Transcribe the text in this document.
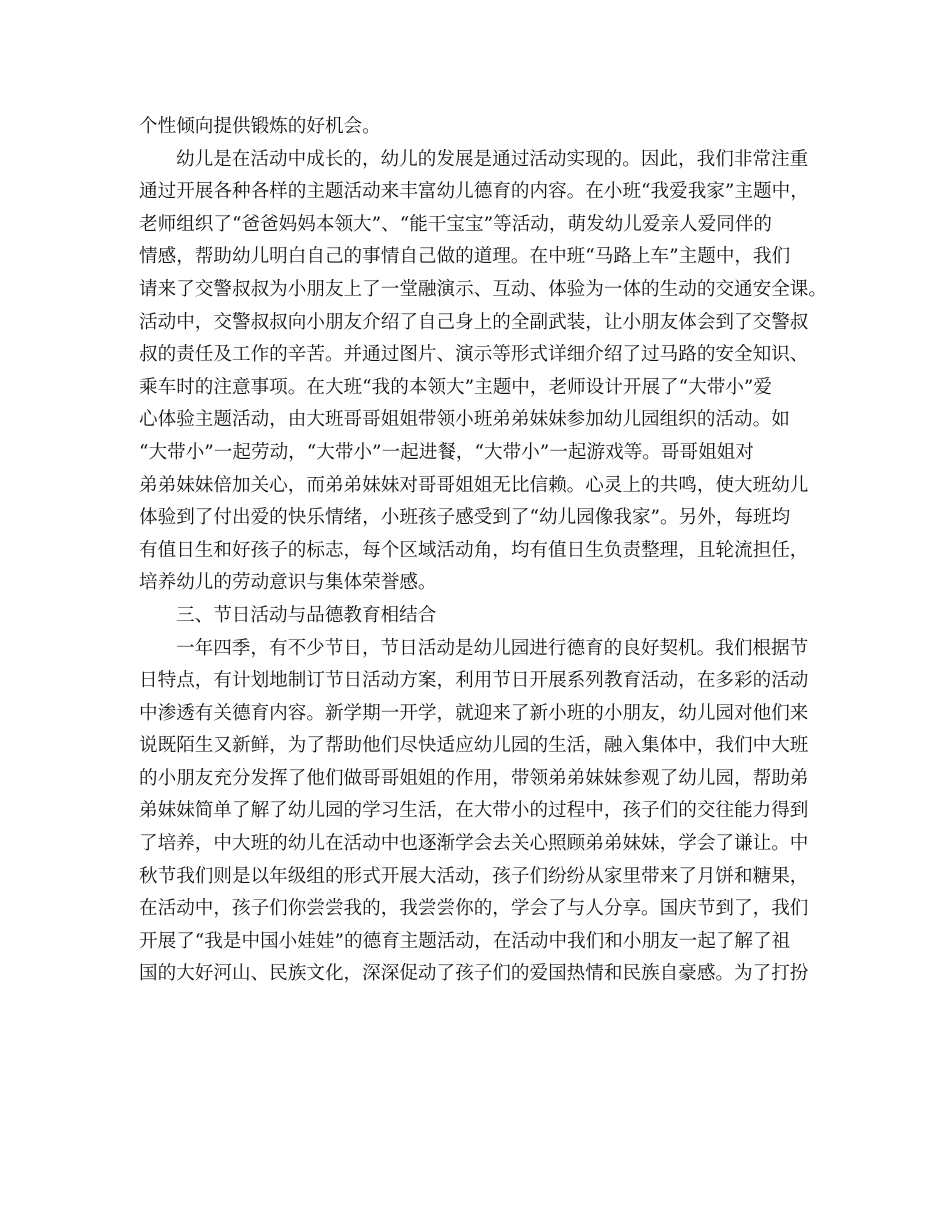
个性倾向提供锻炼的好机会。
幼儿是在活动中成长的，幼儿的发展是通过活动实现的。因此，我们非常注重
通过开展各种各样的主题活动来丰富幼儿德育的内容。在小班“我爱我家”主题中，
老师组织了“爸爸妈妈本领大”、“能干宝宝”等活动，萌发幼儿爱亲人爱同伴的
情感，帮助幼儿明白自己的事情自己做的道理。在中班“马路上车”主题中，我们
请来了交警叔叔为小朋友上了一堂融演示、互动、体验为一体的生动的交通安全课。
活动中，交警叔叔向小朋友介绍了自己身上的全副武装，让小朋友体会到了交警叔
叔的责任及工作的辛苦。并通过图片、演示等形式详细介绍了过马路的安全知识、
乘车时的注意事项。在大班“我的本领大”主题中，老师设计开展了“大带小”爱
心体验主题活动，由大班哥哥姐姐带领小班弟弟妹妹参加幼儿园组织的活动。如
“大带小”一起劳动，“大带小”一起进餐，“大带小”一起游戏等。哥哥姐姐对
弟弟妹妹倍加关心，而弟弟妹妹对哥哥姐姐无比信赖。心灵上的共鸣，使大班幼儿
体验到了付出爱的快乐情绪，小班孩子感受到了“幼儿园像我家”。另外，每班均
有值日生和好孩子的标志，每个区域活动角，均有值日生负责整理，且轮流担任，
培养幼儿的劳动意识与集体荣誉感。
三、节日活动与品德教育相结合
一年四季，有不少节日，节日活动是幼儿园进行德育的良好契机。我们根据节
日特点，有计划地制订节日活动方案，利用节日开展系列教育活动，在多彩的活动
中渗透有关德育内容。新学期一开学，就迎来了新小班的小朋友，幼儿园对他们来
说既陌生又新鲜，为了帮助他们尽快适应幼儿园的生活，融入集体中，我们中大班
的小朋友充分发挥了他们做哥哥姐姐的作用，带领弟弟妹妹参观了幼儿园，帮助弟
弟妹妹简单了解了幼儿园的学习生活，在大带小的过程中，孩子们的交往能力得到
了培养，中大班的幼儿在活动中也逐渐学会去关心照顾弟弟妹妹，学会了谦让。中
秋节我们则是以年级组的形式开展大活动，孩子们纷纷从家里带来了月饼和糖果，
在活动中，孩子们你尝尝我的，我尝尝你的，学会了与人分享。国庆节到了，我们
开展了“我是中国小娃娃”的德育主题活动，在活动中我们和小朋友一起了解了祖
国的大好河山、民族文化，深深促动了孩子们的爱国热情和民族自豪感。为了打扮
